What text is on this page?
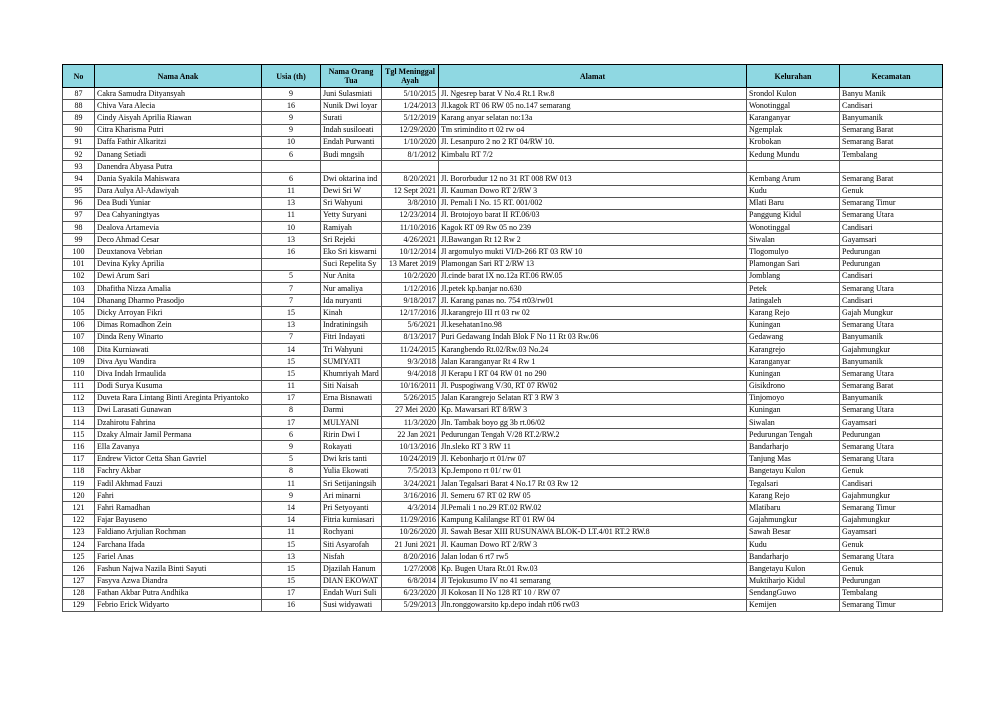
No	Nama Anak	Usia (th)	Nama Orang Tua	Tgl Meninggal Ayah	Alamat	Kelurahan	Kecamatan
87	Cakra Samudra Dityansyah	9	Juni Sulasmiati	5/10/2015	Jl. Ngesrep barat V No.4 Rt.1 Rw.8	Srondol Kulon	Banyu Manik
88	Chiva Vara Alecia	16	Nunik Dwi loyar	1/24/2013	Jl.kagok RT 06 RW 05 no.147 semarang	Wonotinggal	Candisari
89	Cindy Aisyah Aprilia Riawan	9	Surati	5/12/2019	Karang anyar selatan no:13a	Karanganyar	Banyumanik
90	Citra Kharisma Putri	9	Indah susiloeati	12/29/2020	Tm srimindito rt 02 rw o4	Ngemplak	Semarang Barat
91	Daffa Fathir Alkaritzi	10	Endah Purwanti	1/10/2020	Jl. Lesanpuro 2 no 2 RT 04/RW 10.	Krobokan	Semarang Barat
92	Danang Setiadi	6	Budi mngsih	8/1/2012	Kimbalu RT 7/2	Kedung Mundu	Tembalang
93	Danendra Abyasa Putra						
94	Dania Syakila Mahiswara	6	Dwi oktarina ind	8/20/2021	Jl. Bororbudur 12 no 31 RT 008 RW 013	Kembang Arum	Semarang Barat
95	Dara Aulya Al-Adawiyah	11	Dewi Sri W	12 Sept 2021	Jl. Kauman Dowo RT 2/RW 3	Kudu	Genuk
96	Dea Budi Yuniar	13	Sri Wahyuni	3/8/2010	Jl. Pemali I No. 15 RT. 001/002	Mlati Baru	Semarang Timur
97	Dea Cahyaningtyas	11	Yetty Suryani	12/23/2014	Jl. Brotojoyo barat II RT.06/03	Panggung Kidul	Semarang Utara
98	Dealova Artamevia	10	Ramiyah	11/10/2016	Kagok RT 09 Rw 05 no 239	Wonotinggal	Candisari
99	Deco Ahmad Cesar	13	Sri Rejeki	4/26/2021	Jl.Bawangan Rt 12 Rw 2	Siwalan	Gayamsari
100	Deuxtanova Vebrian	16	Eko Sri kiswarni	10/12/2014	Jl argomulyo mukti VI/D-266 RT 03 RW 10	Tlogomulyo	Pedurungan
101	Devina Kyky Aprilia		Suci Repelita Sy	13 Maret 2019	Plamongan Sari RT 2/RW 13	Plamongan Sari	Pedurungan
102	Dewi Arum Sari	5	Nur Anita	10/2/2020	Jl.cinde barat IX no.12a RT.06 RW.05	Jomblang	Candisari
103	Dhafitha Nizza Amalia	7	Nur amaliya	1/12/2016	Jl.petek kp.banjar no.630	Petek	Semarang Utara
104	Dhanang Dharmo Prasodjo	7	Ida nuryanti	9/18/2017	Jl. Karang panas no. 754 rt03/rw01	Jatingaleh	Candisari
105	Dicky Arroyan Fikri	15	Kinah	12/17/2016	Jl.karangrejo III rt 03 rw 02	Karang Rejo	Gajah Mungkur
106	Dimas Romadhon Zein	13	Indratiningsih	5/6/2021	Jl.kesehatan1no.98	Kuningan	Semarang Utara
107	Dinda Reny Winarto	7	Fitri Indayati	8/13/2017	Puri Gedawang Indah Blok F No 11 Rt 03 Rw.06	Gedawang	Banyumanik
108	Dita Kurniawati	14	Tri Wahyuni	11/24/2015	Karangbendo Rt.02/Rw.03 No.24	Karangrejo	Gajahmungkur
109	Diva Ayu Wandira	15	SUMIYATI	9/3/2018	Jalan Karanganyar Rt 4 Rw 1	Karanganyar	Banyumanik
110	Diva Indah Irmaulida	15	Khumriyah Mard	9/4/2018	Jl Kerapu I RT 04 RW 01 no 290	Kuningan	Semarang Utara
111	Dodi Surya Kusuma	11	Siti Naisah	10/16/2011	Jl. Puspogiwang V/30, RT 07 RW02	Gisikdrono	Semarang Barat
112	Duveta Rara Lintang Binti Areginta Priyantoko	17	Erna Bisnawati	5/26/2015	Jalan Karangrejo Selatan RT 3 RW 3	Tinjomoyo	Banyumanik
113	Dwi Larasati Gunawan	8	Darmi	27 Mei 2020	Kp. Mawarsari RT 8/RW 3	Kuningan	Semarang Utara
114	Dzahirotu Fahrina	17	MULYANI	11/3/2020	Jln. Tambak boyo gg 3b rt.06/02	Siwalan	Gayamsari
115	Dzaky Almair Jamil Permana	6	Ririn Dwi I	22 Jan 2021	Pedurungan Tengah V/28 RT.2/RW.2	Pedurungan Tengah	Pedurungan
116	Ella Zavanya	9	Rokayati	10/13/2016	Jln.sleko RT 3 RW 11	Bandarharjo	Semarang Utara
117	Endrew Victor Cetta Shan Gavriel	5	Dwi kris tanti	10/24/2019	Jl. Kebonharjo rt 01/rw 07	Tanjung Mas	Semarang Utara
118	Fachry Akbar	8	Yulia Ekowati	7/5/2013	Kp.Jempono rt 01/ rw 01	Bangetayu Kulon	Genuk
119	Fadil Akhmad Fauzi	11	Sri Setijaningsih	3/24/2021	Jalan Tegalsari Barat 4 No.17 Rt 03 Rw 12	Tegalsari	Candisari
120	Fahri	9	Ari minarni	3/16/2016	Jl. Semeru 67 RT 02 RW 05	Karang Rejo	Gajahmungkur
121	Fahri Ramadhan	14	Pri Setyoyanti	4/3/2014	Jl.Pemali 1 no.29 RT.02 RW.02	Mlatibaru	Semarang Timur
122	Fajar Bayuseno	14	Fitria kurniasari	11/29/2016	Kampung Kalilangse RT 01 RW 04	Gajahmungkur	Gajahmungkur
123	Faldiano Arjulian Rochman	11	Rochyani	10/26/2020	Jl. Sawah Besar XIII RUSUNAWA BLOK-D LT.4/01 RT.2 RW.8	Sawah Besar	Gayamsari
124	Farchana Ifada	15	Siti Asyarofah	21 Juni 2021	Jl. Kauman Dowo RT 2/RW 3	Kudu	Genuk
125	Fariel Anas	13	Nisfah	8/20/2016	Jalan lodan 6 rt7 rw5	Bandarharjo	Semarang Utara
126	Fashun Najwa Nazila Binti Sayuti	15	Djazilah Hanum	1/27/2008	Kp. Bugen Utara Rt.01 Rw.03	Bangetayu Kulon	Genuk
127	Fasyva Azwa Diandra	15	DIAN EKOWAT	6/8/2014	Jl Tejokusumo IV no 41 semarang	Muktiharjo Kidul	Pedurungan
128	Fathan Akbar Putra Andhika	17	Endah Wuri Suli	6/23/2020	Jl Kokosan II No 128 RT 10 / RW 07	SendangGuwo	Tembalang
129	Febrio Erick Widyarto	16	Susi widyawati	5/29/2013	Jln.ronggowarsito kp.depo indah rt06 rw03	Kemijen	Semarang Timur
